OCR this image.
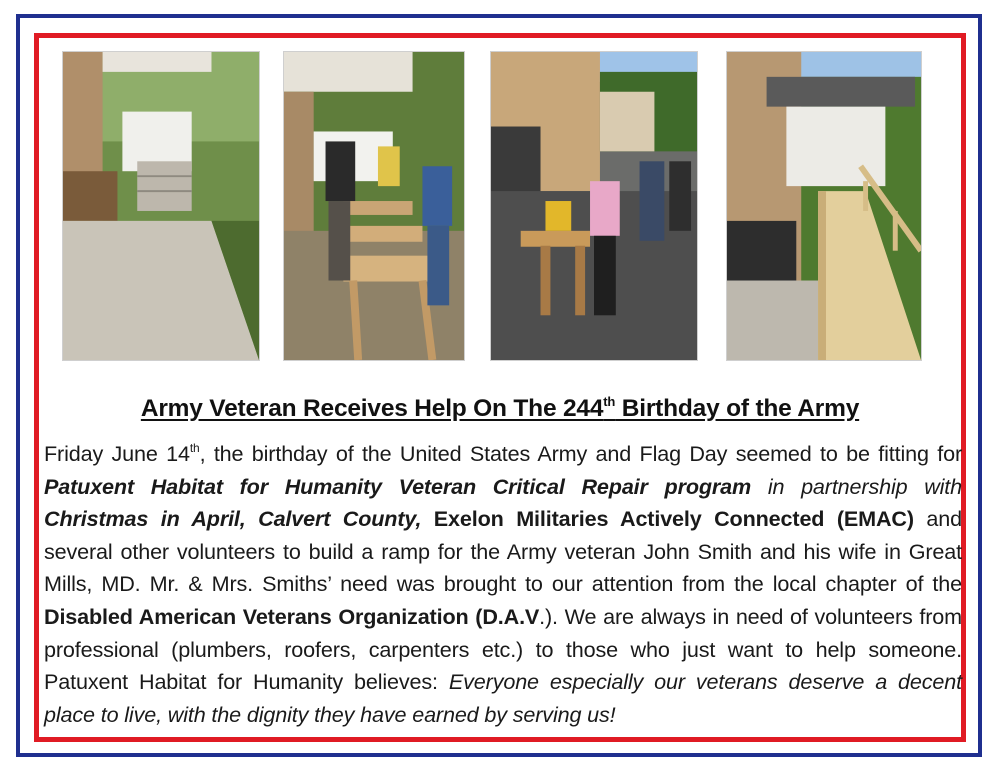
Army Veteran Receives Help On The 244th Birthday of the Army
Friday June 14th, the birthday of the United States Army and Flag Day seemed to be fitting for Patuxent Habitat for Humanity Veteran Critical Repair program in partnership with Christmas in April, Calvert County, Exelon Militaries Actively Connected (EMAC) and several other volunteers to build a ramp for the Army veteran John Smith and his wife in Great Mills, MD. Mr. & Mrs. Smiths’ need was brought to our attention from the local chapter of the Disabled American Veterans Organization (D.A.V.). We are always in need of volunteers from professional (plumbers, roofers, carpenters etc.) to those who just want to help someone. Patuxent Habitat for Humanity believes: Everyone especially our veterans deserve a decent place to live, with the dignity they have earned by serving us!
